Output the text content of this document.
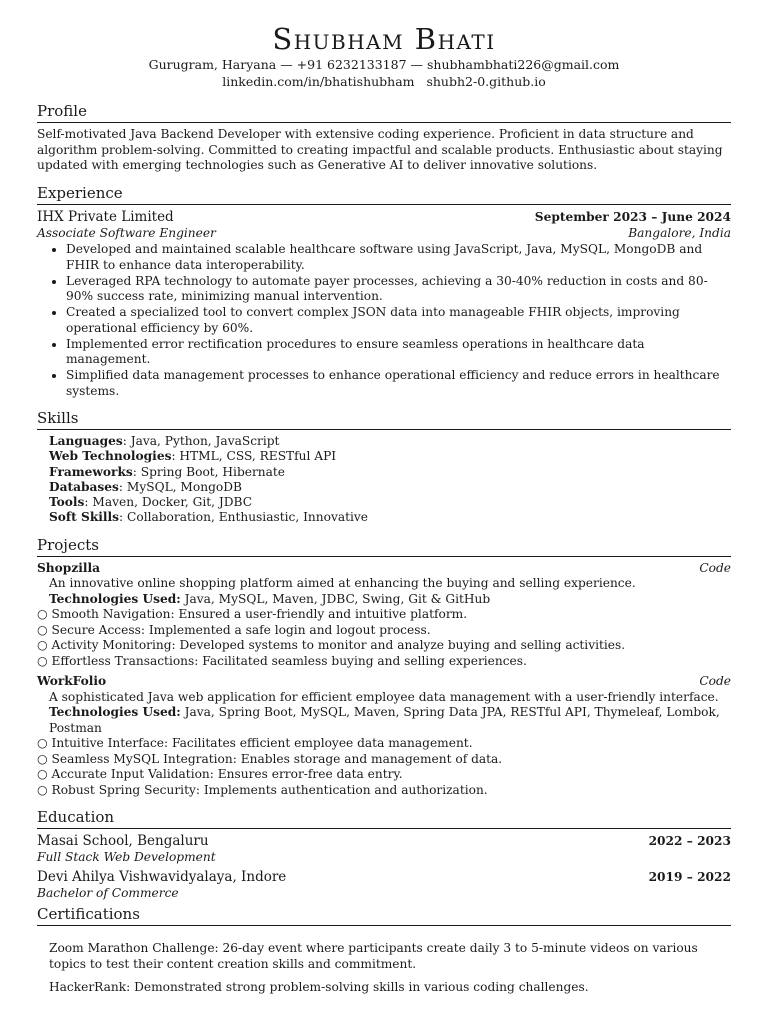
Shubham Bhati
Gurugram, Haryana — +91 6232133187 — shubhambhati226@gmail.com
linkedin.com/in/bhatishubham shubh2-0.github.io
Profile
Self-motivated Java Backend Developer with extensive coding experience. Proficient in data structure and algorithm problem-solving. Committed to creating impactful and scalable products. Enthusiastic about staying updated with emerging technologies such as Generative AI to deliver innovative solutions.
Experience
IHX Private Limited	September 2023 – June 2024
Associate Software Engineer	Bangalore, India
• Developed and maintained scalable healthcare software using JavaScript, Java, MySQL, MongoDB and FHIR to enhance data interoperability.
• Leveraged RPA technology to automate payer processes, achieving a 30-40% reduction in costs and 80-90% success rate, minimizing manual intervention.
• Created a specialized tool to convert complex JSON data into manageable FHIR objects, improving operational efficiency by 60%.
• Implemented error rectification procedures to ensure seamless operations in healthcare data management.
• Simplified data management processes to enhance operational efficiency and reduce errors in healthcare systems.
Skills
Languages: Java, Python, JavaScript
Web Technologies: HTML, CSS, RESTful API
Frameworks: Spring Boot, Hibernate
Databases: MySQL, MongoDB
Tools: Maven, Docker, Git, JDBC
Soft Skills: Collaboration, Enthusiastic, Innovative
Projects
Shopzilla	Code
An innovative online shopping platform aimed at enhancing the buying and selling experience.
Technologies Used: Java, MySQL, Maven, JDBC, Swing, Git & GitHub
○ Smooth Navigation: Ensured a user-friendly and intuitive platform.
○ Secure Access: Implemented a safe login and logout process.
○ Activity Monitoring: Developed systems to monitor and analyze buying and selling activities.
○ Effortless Transactions: Facilitated seamless buying and selling experiences.
WorkFolio	Code
A sophisticated Java web application for efficient employee data management with a user-friendly interface.
Technologies Used: Java, Spring Boot, MySQL, Maven, Spring Data JPA, RESTful API, Thymeleaf, Lombok, Postman
○ Intuitive Interface: Facilitates efficient employee data management.
○ Seamless MySQL Integration: Enables storage and management of data.
○ Accurate Input Validation: Ensures error-free data entry.
○ Robust Spring Security: Implements authentication and authorization.
Education
Masai School, Bengaluru	2022 – 2023
Full Stack Web Development
Devi Ahilya Vishwavidyalaya, Indore	2019 – 2022
Bachelor of Commerce
Certifications

Zoom Marathon Challenge: 26-day event where participants create daily 3 to 5-minute videos on various topics to test their content creation skills and commitment.

HackerRank: Demonstrated strong problem-solving skills in various coding challenges.
